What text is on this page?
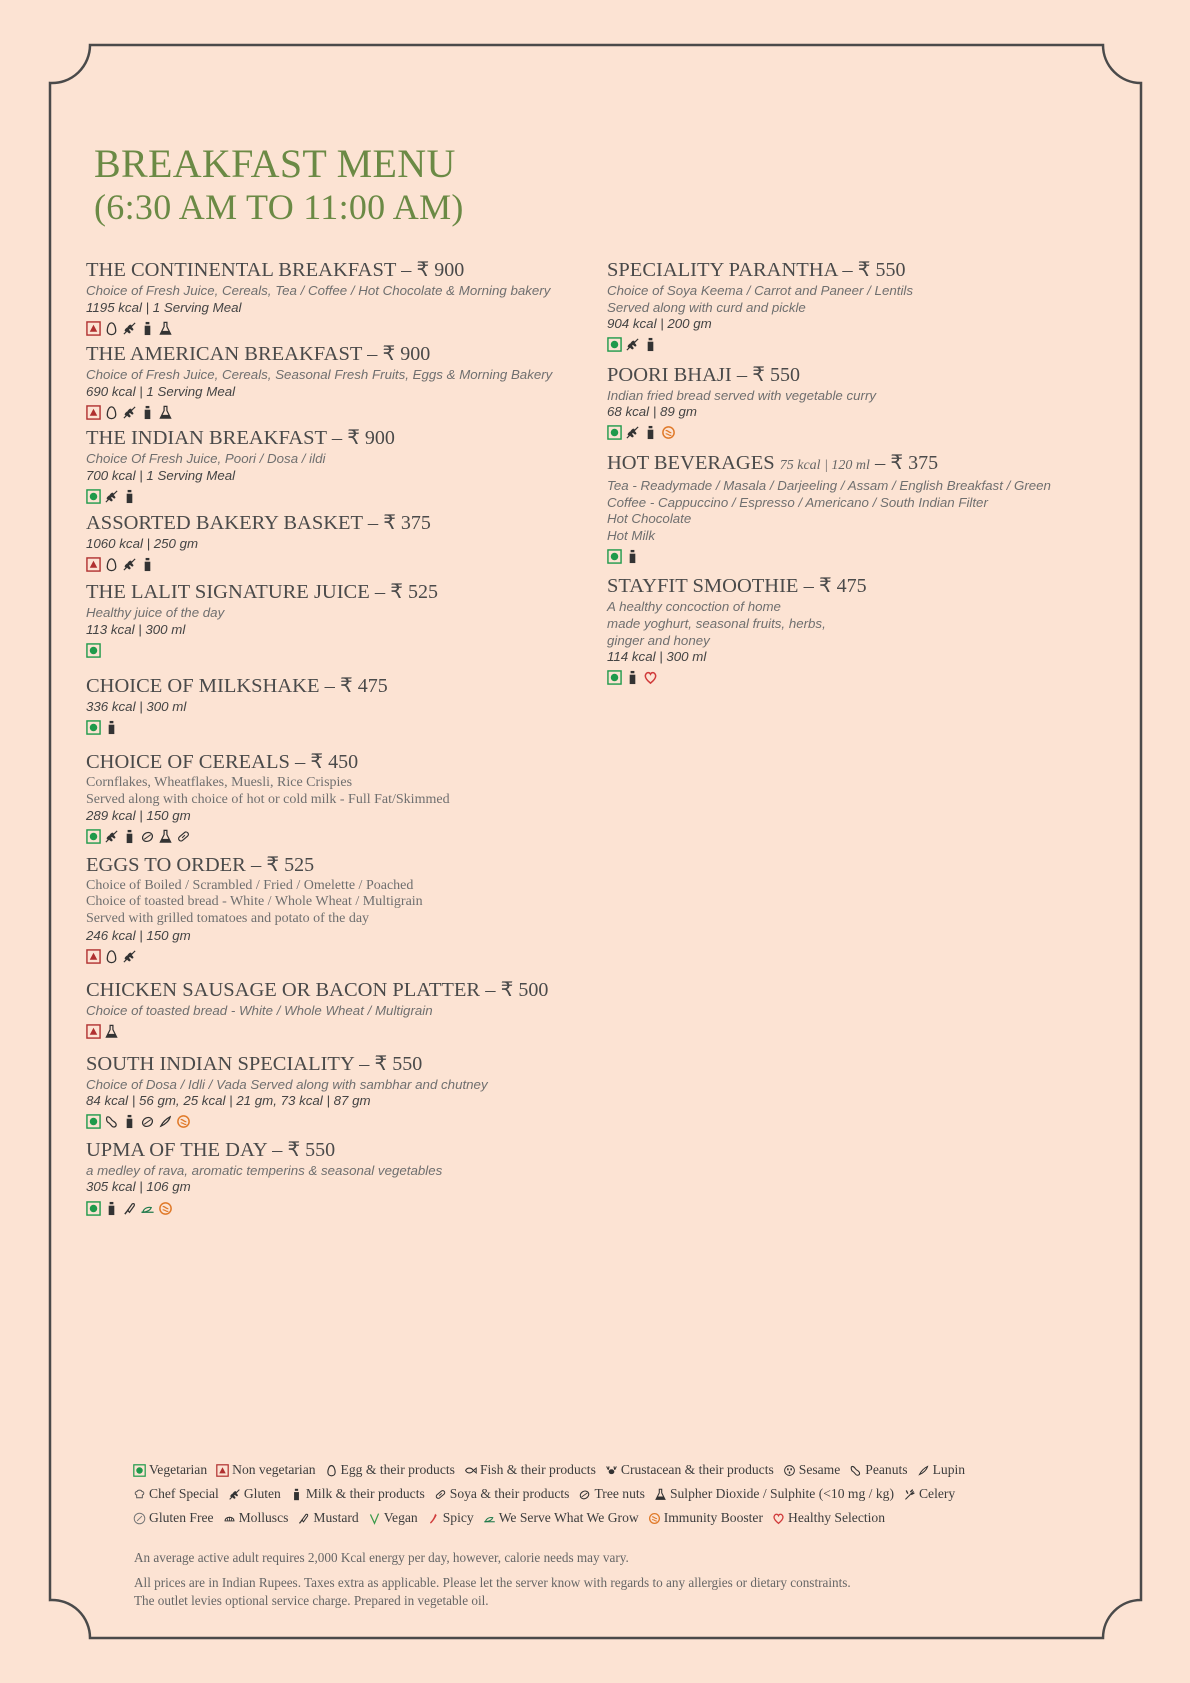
BREAKFAST MENU
(6:30 AM TO 11:00 AM)
THE CONTINENTAL BREAKFAST – ₹ 900
Choice of Fresh Juice, Cereals, Tea / Coffee / Hot Chocolate & Morning bakery
1195 kcal | 1 Serving Meal
THE AMERICAN BREAKFAST – ₹ 900
Choice of Fresh Juice, Cereals, Seasonal Fresh Fruits, Eggs & Morning Bakery
690 kcal | 1 Serving Meal
THE INDIAN BREAKFAST – ₹ 900
Choice Of Fresh Juice, Poori / Dosa / ildi
700 kcal | 1 Serving Meal
ASSORTED BAKERY BASKET – ₹ 375
1060 kcal | 250 gm
THE LALIT SIGNATURE JUICE – ₹ 525
Healthy juice of the day
113 kcal | 300 ml
CHOICE OF MILKSHAKE – ₹ 475
336 kcal | 300 ml
CHOICE OF CEREALS – ₹ 450
Cornflakes, Wheatflakes, Muesli, Rice Crispies
Served along with choice of hot or cold milk - Full Fat/Skimmed
289 kcal | 150 gm
EGGS TO ORDER – ₹ 525
Choice of Boiled / Scrambled / Fried / Omelette / Poached
Choice of toasted bread - White / Whole Wheat / Multigrain
Served with grilled tomatoes and potato of the day
246 kcal | 150 gm
CHICKEN SAUSAGE OR BACON PLATTER – ₹ 500
Choice of toasted bread - White / Whole Wheat / Multigrain
SOUTH INDIAN SPECIALITY – ₹ 550
Choice of Dosa / Idli / Vada Served along with sambhar and chutney
84 kcal | 56 gm, 25 kcal | 21 gm, 73 kcal | 87 gm
UPMA OF THE DAY – ₹ 550
a medley of rava, aromatic temperins & seasonal vegetables
305 kcal | 106 gm
SPECIALITY PARANTHA – ₹ 550
Choice of Soya Keema / Carrot and Paneer / Lentils
Served along with curd and pickle
904 kcal | 200 gm
POORI BHAJI – ₹ 550
Indian fried bread served with vegetable curry
68 kcal | 89 gm
HOT BEVERAGES 75 kcal | 120 ml – ₹ 375
Tea - Readymade / Masala / Darjeeling / Assam / English Breakfast / Green
Coffee - Cappuccino / Espresso / Americano / South Indian Filter
Hot Chocolate
Hot Milk
STAYFIT SMOOTHIE – ₹ 475
A healthy concoction of home
made yoghurt, seasonal fruits, herbs,
ginger and honey
114 kcal | 300 ml
Vegetarian Non vegetarian Egg & their products Fish & their products Crustacean & their products Sesame Peanuts Lupin
Chef Special Gluten Milk & their products Soya & their products Tree nuts Sulpher Dioxide / Sulphite (<10 mg / kg) Celery
Gluten Free Molluscs Mustard Vegan Spicy We Serve What We Grow Immunity Booster Healthy Selection
An average active adult requires 2,000 Kcal energy per day, however, calorie needs may vary.
All prices are in Indian Rupees. Taxes extra as applicable. Please let the server know with regards to any allergies or dietary constraints.
The outlet levies optional service charge. Prepared in vegetable oil.
